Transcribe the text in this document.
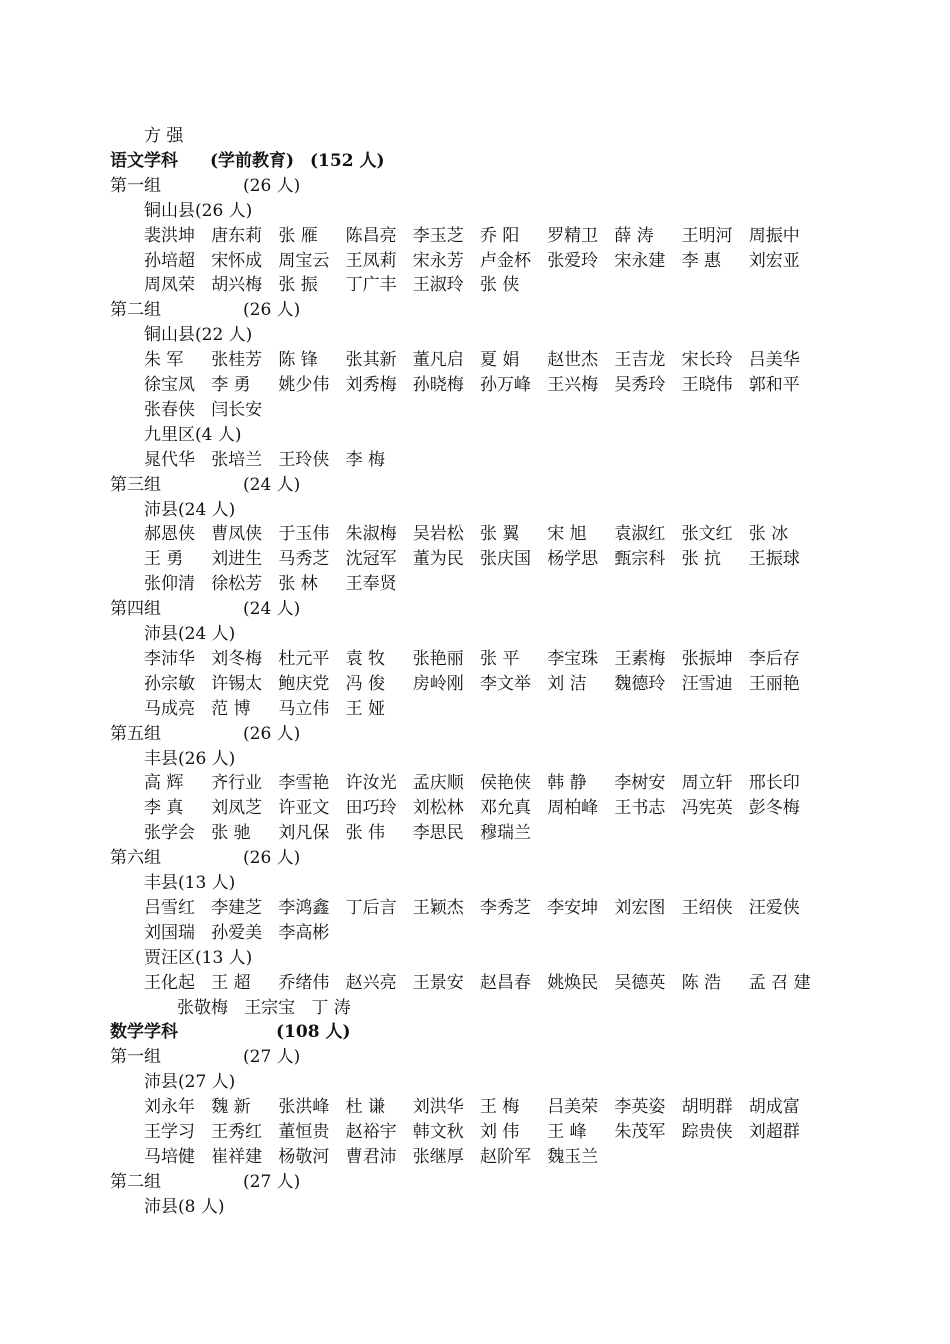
方 强
语文学科 (学前教育) (152 人)
第一组	(26 人)
铜山县(26 人)
裴洪坤 唐东莉 张 雁 陈昌亮 李玉芝 乔 阳 罗精卫 薛 涛 王明河 周振中
孙培超 宋怀成 周宝云 王凤莉 宋永芳 卢金杯 张爱玲 宋永建 李 惠 刘宏亚
周凤荣 胡兴梅 张 振 丁广丰 王淑玲 张 侠
第二组	(26 人)
铜山县(22 人)
朱 军 张桂芳 陈 锋 张其新 董凡启 夏 娟 赵世杰 王吉龙 宋长玲 吕美华
徐宝凤 李 勇 姚少伟 刘秀梅 孙晓梅 孙万峰 王兴梅 吴秀玲 王晓伟 郭和平
张春侠 闫长安
九里区(4 人)
晁代华 张培兰 王玲侠 李 梅
第三组	(24 人)
沛县(24 人)
郝恩侠 曹凤侠 于玉伟 朱淑梅 吴岩松 张 翼 宋 旭 袁淑红 张文红 张 冰
王 勇 刘进生 马秀芝 沈冠军 董为民 张庆国 杨学思 甄宗科 张 抗 王振球
张仰清 徐松芳 张 林 王奉贤
第四组	(24 人)
沛县(24 人)
李沛华 刘冬梅 杜元平 袁 牧 张艳丽 张 平 李宝珠 王素梅 张振坤 李后存
孙宗敏 许锡太 鲍庆党 冯 俊 房岭刚 李文举 刘 洁 魏德玲 汪雪迪 王丽艳
马成亮 范 博 马立伟 王 娅
第五组	(26 人)
丰县(26 人)
高 辉 齐行业 李雪艳 许汝光 孟庆顺 侯艳侠 韩 静 李树安 周立轩 邢长印
李 真 刘凤芝 许亚文 田巧玲 刘松林 邓允真 周柏峰 王书志 冯宪英 彭冬梅
张学会 张 驰 刘凡保 张 伟 李思民 穆瑞兰
第六组	(26 人)
丰县(13 人)
吕雪红 李建芝 李鸿鑫 丁后言 王颖杰 李秀芝 李安坤 刘宏图 王绍侠 汪爱侠
刘国瑞 孙爱美 李高彬
贾汪区(13 人)
王化起 王 超 乔绪伟 赵兴亮 王景安 赵昌春 姚焕民 吴德英 陈 浩 孟 召 建
张敬梅 王宗宝 丁 涛
数学学科	(108 人)
第一组	(27 人)
沛县(27 人)
刘永年 魏 新 张洪峰 杜 谦 刘洪华 王 梅 吕美荣 李英姿 胡明群 胡成富
王学习 王秀红 董恒贵 赵裕宇 韩文秋 刘 伟 王 峰 朱茂军 踪贵侠 刘超群
马培健 崔祥建 杨敬河 曹君沛 张继厚 赵阶军 魏玉兰
第二组	(27 人)
沛县(8 人)
